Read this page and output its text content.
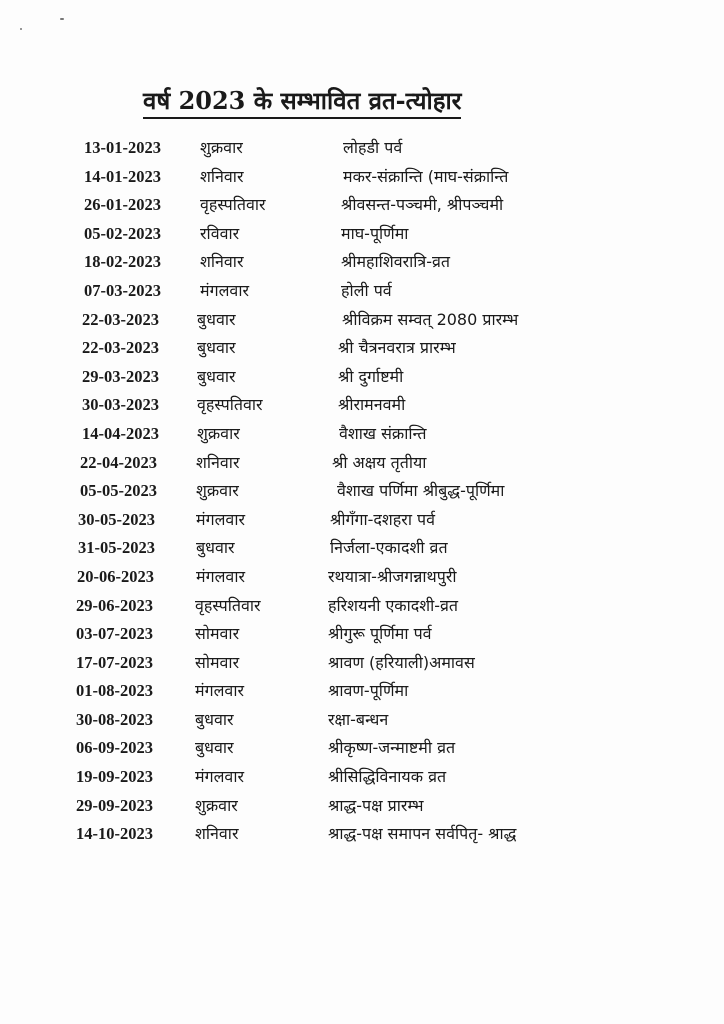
वर्ष 2023 के सम्भावित व्रत-त्योहार
13-01-2023 शुक्रवार	लोहडी पर्व
14-01-2023 शनिवार	मकर-संक्रान्ति (माघ-संक्रान्ति
26-01-2023 वृहस्पतिवार	श्रीवसन्त-पञ्चमी, श्रीपञ्चमी
05-02-2023 रविवार	माघ-पूर्णिमा
18-02-2023 शनिवार	श्रीमहाशिवरात्रि-व्रत
07-03-2023 मंगलवार	होली पर्व
22-03-2023 बुधवार	श्रीविक्रम सम्वत् 2080 प्रारम्भ
22-03-2023 बुधवार	श्री चैत्रनवरात्र प्रारम्भ
29-03-2023 बुधवार	श्री दुर्गाष्टमी
30-03-2023 वृहस्पतिवार	श्रीरामनवमी
14-04-2023 शुक्रवार	वैशाख संक्रान्ति
22-04-2023 शनिवार	श्री अक्षय तृतीया
05-05-2023 शुक्रवार	वैशाख पर्णिमा श्रीबुद्ध-पूर्णिमा
30-05-2023	मंगलवार	श्रीगँगा-दशहरा पर्व
31-05-2023	बुधवार	निर्जला-एकादशी व्रत
20-06-2023	मंगलवार	रथयात्रा-श्रीजगन्नाथपुरी
29-06-2023	वृहस्पतिवार	हरिशयनी एकादशी-व्रत
03-07-2023	सोमवार	श्रीगुरू पूर्णिमा पर्व
17-07-2023	सोमवार	श्रावण (हरियाली)अमावस
01-08-2023	मंगलवार	श्रावण-पूर्णिमा
30-08-2023	बुधवार	रक्षा-बन्धन
06-09-2023	बुधवार	श्रीकृष्ण-जन्माष्टमी व्रत
19-09-2023	मंगलवार	श्रीसिद्धिविनायक व्रत
29-09-2023	शुक्रवार	श्राद्ध-पक्ष प्रारम्भ
14-10-2023	शनिवार	श्राद्ध-पक्ष समापन सर्वपितृ- श्राद्ध
